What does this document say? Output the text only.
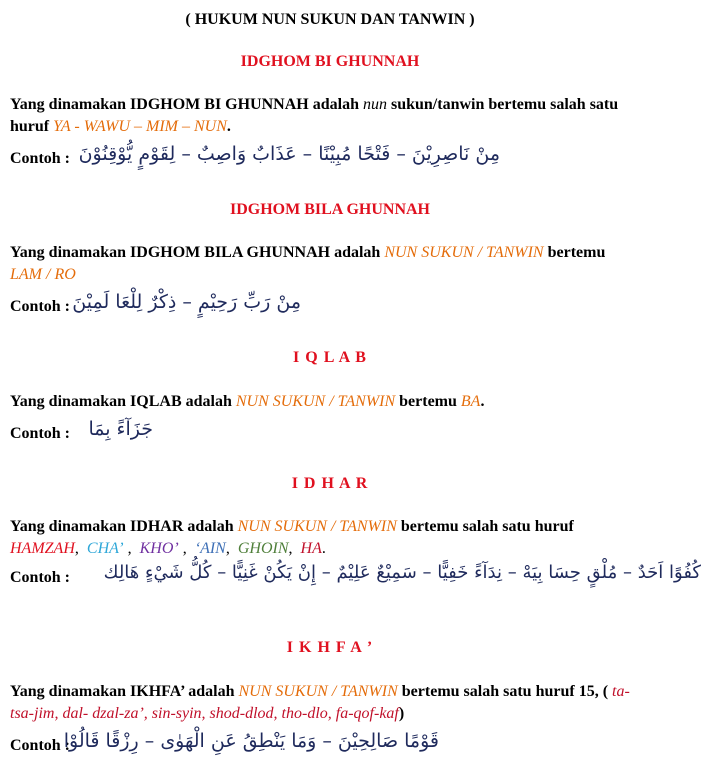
( HUKUM NUN SUKUN DAN TANWIN )
IDGHOM BI GHUNNAH
Yang dinamakan IDGHOM BI GHUNNAH adalah nun sukun/tanwin bertemu salah satu
huruf YA - WAWU – MIM – NUN.
Contoh : مِنْ نَاصِرِيْنَ – فَتْحًا مُبِيْنًا – عَذَابٌ وَاصِبٌ – لِقَوْمٍ يُّوْقِنُوْنَ
IDGHOM BILA GHUNNAH
Yang dinamakan IDGHOM BILA GHUNNAH adalah NUN SUKUN / TANWIN bertemu
LAM / RO
Contoh : مِنْ رَبِّ رَحِيْمٍ – ذِكْرٌ لِلْعَا لَمِيْنَ
I Q L A B
Yang dinamakan IQLAB adalah NUN SUKUN / TANWIN bertemu BA.
Contoh : جَزَآءً بِمَا
I D H A R
Yang dinamakan IDHAR adalah NUN SUKUN / TANWIN bertemu salah satu huruf
HAMZAH,  CHA’ ,  KHO’ ,  ‘AIN,  GHOIN,  HA.
Contoh : كُفُوًا اَحَدٌ – مُلْقٍ حِسَا بِيَهْ – نِدَآءً خَفِيًّا – سَمِيْعٌ عَلِيْمٌ – إِنْ يَكُنْ غَنِيًّا – كُلُّ شَيْءٍ هَالِك
I K H F A ’
Yang dinamakan IKHFA’ adalah NUN SUKUN / TANWIN bertemu salah satu huruf 15, ( ta-
tsa-jim, dal- dzal-za’, sin-syin, shod-dlod, tho-dlo, fa-qof-kaf)
Contoh :
قَوْمًا صَالِحِيْنَ – وَمَا يَنْطِقُ عَنِ الْهَوٰى – رِزْقًا قَالُوْا
